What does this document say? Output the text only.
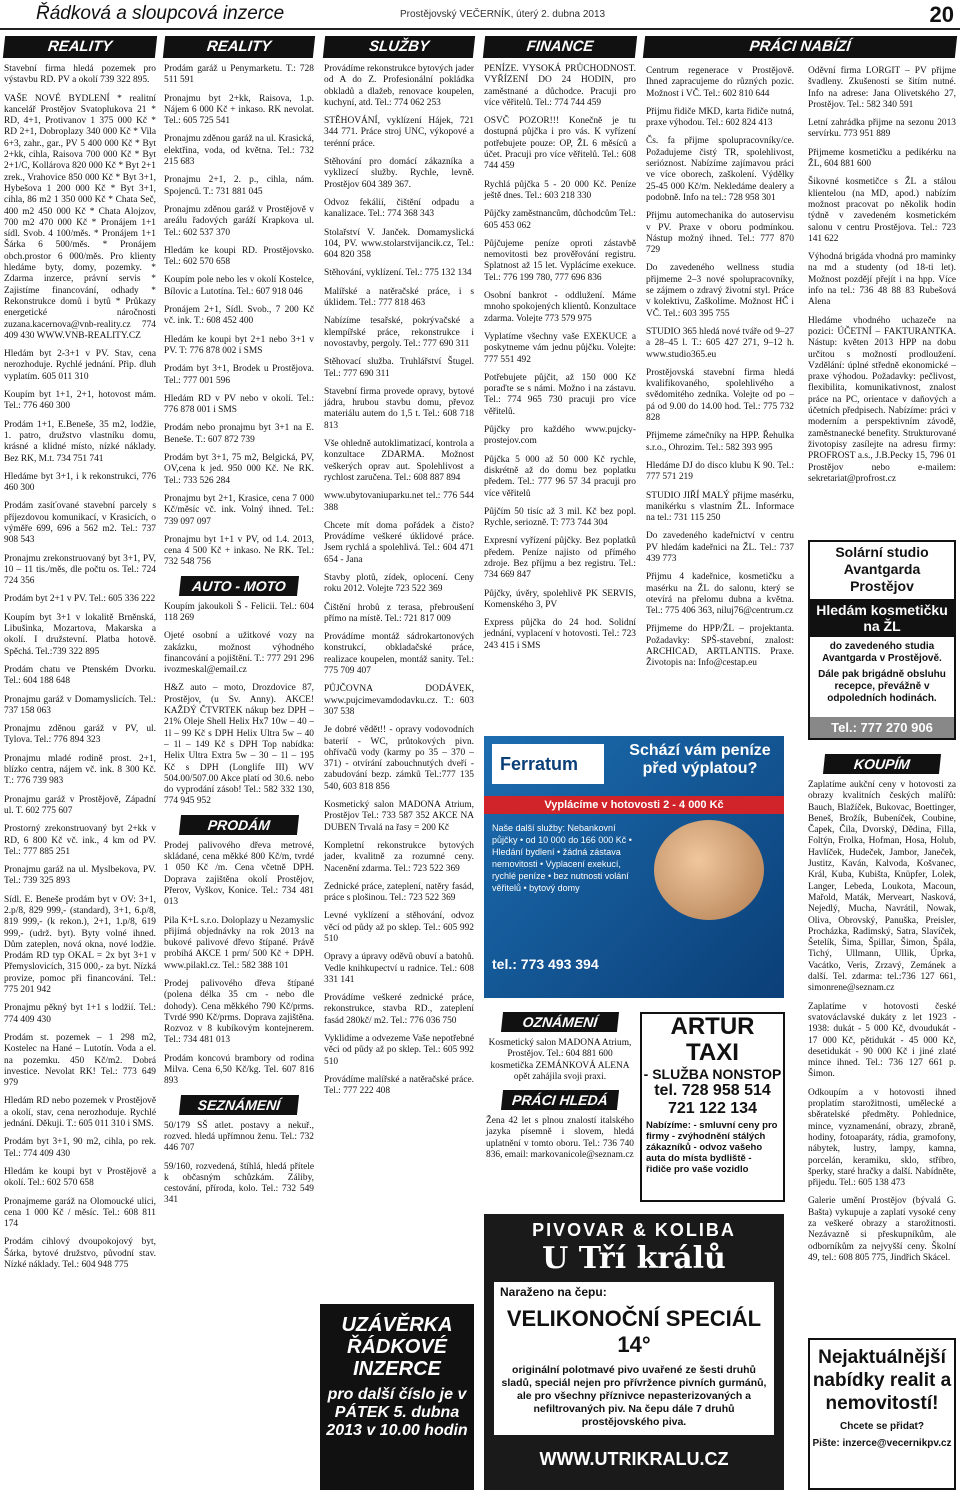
Řádková a sloupcová inzerce	Prostějovský VEČERNÍK, úterý 2. dubna 2013	20
REALITY
Stavební firma hledá pozemek pro výstavbu RD. PV a okolí 739 322 895.
VAŠE NOVÉ BYDLENÍ * realitní kancelář Prostějov Svatoplukova 21 * RD, 4+1, Protivanov 1 375 000 Kč * RD 2+1, Dobroplazy 340 000 Kč * Vila 6+3, zahr., gar., PV 5 400 000 Kč * Byt 2+kk, cihla, Raisova 700 000 Kč * Byt 2+1/C, Kollárova 820 000 Kč * Byt 2+1 zrek., Vrahovice 850 000 Kč * Byt 3+1, Hybešova 1 200 000 Kč * Byt 3+1, cihla, 86 m2 1 350 000 Kč * Chata Seč, 400 m2 450 000 Kč * Chata Alojzov, 700 m2 470 000 Kč * Pronájem 1+1 sídl. Svob. 4 100/měs. * Pronájem 1+1 Šárka 6 500/měs. * Pronájem obch.prostor 6 000/měs. Pro klienty hledáme byty, domy, pozemky. * Zdarma inzerce, právní servis * Zajistíme financování, odhady * Rekonstrukce domů i bytů * Průkazy energetické náročnosti zuzana.kacernova@vnb-reality.cz 774 409 430 WWW.VNB-REALITY.CZ
Hledám byt 2-3+1 v PV. Stav, cena nerozhoduje. Rychlé jednání. Přip. dluh vyplatím. 605 011 310
Koupím byt 1+1, 2+1, hotovost mám. Tel.: 776 460 300
Prodám 1+1, E.Beneše, 35 m2, lodžie, 1. patro, družstvo vlastníku domu, krásné a klidné místo, nízké náklady. Bez RK, M.t. 734 751 741
Hledáme byt 3+1, i k rekonstrukci, 776 460 300
Prodám zasíťované stavební parcely s příjezdovou komunikací, v Krasicích, o výměře 699, 696 a 562 m2. Tel.: 737 908 543
Pronajmu zrekonstruovaný byt 3+1, PV, 10 – 11 tis./měs, dle počtu os. Tel.: 724 724 356
Prodám byt 2+1 v PV. Tel.: 605 336 222
Koupím byt 3+1 v lokalitě Brněnská, Libušinka, Mozartova, Makarska a okolí. I družstevní. Platba hotově. Spěchá. Tel.:739 322 895
Prodám chatu ve Ptenském Dvorku. Tel.: 604 188 648
Pronajmu garáž v Domamyslicích. Tel.: 737 158 063
Pronajmu zděnou garáž v PV, ul. Tylova. Tel.: 776 894 323
Pronajmu mladé rodině prost. 2+1, blízko centra, nájem vč. ink. 8 300 Kč. T.: 776 739 983
Pronajmu garáž v Prostějově, Západní ul. T. 602 775 607
Prostorný zrekonstruovaný byt 2+kk v RD, 6 800 Kč vč. ink., 4 km od PV. Tel.: 777 885 251
Pronajmu garáž na ul. Myslbekova, PV. Tel.: 739 325 893
Sídl. E. Beneše prodám byt v OV: 3+1, 2.p/8, 829 999,- (standard), 3+1, 6.p/8, 819 999,- (k rekon.), 2+1, 1.p/8, 619 999,- (udrž. byt). Byty volné ihned. Dům zateplen, nová okna, nové lodžie. Prodám RD typ OKAL = 2x byt 3+1 v Přemyslovicích, 315 000,- za byt. Nízká provize, pomoc při financování. Tel.: 775 201 942
Pronajmu pěkný byt 1+1 s lodžií. Tel.: 774 409 430
Prodám st. pozemek – 1 298 m2, Kostelec na Hané – Lutotín. Voda a el. na pozemku. 450 Kč/m2. Dobrá investice. Nevolat RK! Tel.: 773 649 979
Hledám RD nebo pozemek v Prostějově a okolí, stav, cena nerozhoduje. Rychlé jednání. Děkuji. T.: 605 011 310 i SMS.
Prodám byt 3+1, 90 m2, cihla, po rek. Tel.: 774 409 430
Hledám ke koupi byt v Prostějově a okolí. Tel.: 602 570 658
Pronajmeme garáž na Olomoucké ulici, cena 1 000 Kč / měsíc. Tel.: 608 811 174
Prodám cihlový dvoupokojový byt, Šárka, bytové družstvo, původní stav. Nízké náklady. Tel.: 604 948 775
REALITY
Prodám garáž u Penymarketu. T.: 728 511 591
Pronajmu byt 2+kk, Raisova, 1.p. Nájem 6 000 Kč + inkaso. RK nevolat. Tel.: 605 725 541
Pronajmu zděnou garáž na ul. Krasická, elektřina, voda, od května. Tel.: 732 215 683
Pronajmu 2+1, 2. p., cihla, nám. Spojenců. T.: 731 881 045
Pronajmu zděnou garáž v Prostějově v areálu řadových garáží Krapkova ul. Tel.: 602 537 370
Hledám ke koupi RD. Prostějovsko. Tel.: 602 570 658
Koupím pole nebo les v okolí Kostelce, Bílovic a Lutotína. Tel.: 607 918 046
Pronájem 2+1, Sídl. Svob., 7 200 Kč vč. ink. T.: 608 452 400
Hledám ke koupi byt 2+1 nebo 3+1 v PV. T: 776 878 002 i SMS
Prodám byt 3+1, Brodek u Prostějova. Tel.: 777 001 596
Hledám RD v PV nebo v okolí. Tel.: 776 878 001 i SMS
Prodám nebo pronajmu byt 3+1 na E. Beneše. T.: 607 872 739
Prodám byt 3+1, 75 m2, Belgická, PV, OV,cena k jed. 950 000 Kč. Ne RK. Tel.: 733 526 284
Pronajmu byt 2+1, Krasice, cena 7 000 Kč/měsíc vč. ink. Volný ihned. Tel.: 739 097 097
Pronajmu byt 1+1 v PV, od 1.4. 2013, cena 4 500 Kč + inkaso. Ne RK. Tel.: 732 548 756
AUTO - MOTO
Koupím jakoukoli Š - Felicii. Tel.: 604 118 269
Ojeté osobní a užitkové vozy na zakázku, možnost výhodného financování a pojištění. T.: 777 291 296 ivozmeskal@email.cz
H&Z auto – moto, Drozdovice 87, Prostějov, (u Sv. Anny). AKCE! KAŽDÝ ČTVRTEK nákup bez DPH – 21% Oleje Shell Helix Hx7 10w – 40 – 1l – 99 Kč s DPH Helix Ultra 5w – 40 – 1l – 149 Kč s DPH Top nabídka: Helix Ultra Extra 5w – 30 – 1l – 195 Kč s DPH (Longlife III) WV 504.00/507.00 Akce platí od 30.6. nebo do vyprodání zásob! Tel.: 582 332 130, 774 945 952
PRODÁM
Prodej palivového dřeva metrové, skládané, cena měkké 800 Kč/m, tvrdé 1 050 Kč /m. Cena včetně DPH. Doprava zajištěna okolí Prostějov, Přerov, Vyškov, Konice. Tel.: 734 481 013
Pila K+L s.r.o. Doloplazy u Nezamyslic přijímá objednávky na rok 2013 na bukové palivové dřevo štípané. Právě probíhá AKCE 1 prm/ 500 Kč + DPH. www.pilakl.cz. Tel.: 582 388 101
Prodej palivového dřeva štípané (polena délka 35 cm - nebo dle dohody). Cena měkkého 790 Kč/prms. Tvrdé 990 Kč/prms. Doprava zajištěna. Rozvoz v 8 kubíkovým kontejnerem. Tel.: 734 481 013
Prodám koncovú brambory od rodina Milva. Cena 6,50 Kč/kg. Tel. 607 816 893
SEZNÁMENÍ
50/179 SŠ atlet. postavy a nekuř., rozved. hledá upřímnou ženu. Tel.: 732 446 707
59/160, rozvedená, štíhlá, hledá přítele k občasným schůzkám. Záliby, cestování, příroda, kolo. Tel.: 732 549 341
SLUŽBY
Provádíme rekonstrukce bytových jader od A do Z. Profesionální pokládka obkladů a dlažeb, renovace koupelen, kuchyní, atd. Tel.: 774 062 253
STĚHOVÁNÍ, vyklízení Hájek, 721 344 771. Práce stroj UNC, výkopové a terénní práce.
Stěhování pro domácí zákazníka a vyklizecí služby. Rychle, levně. Prostějov 604 389 367.
Odvoz fekálií, čištění odpadu a kanalizace. Tel.: 774 368 343
Stolařství V. Janček. Domamyslická 104, PV. www.stolarstvijancik.cz, Tel.: 604 820 358
Stěhování, vyklízení. Tel.: 775 132 134
Malířské a natěračské práce, i s úklidem. Tel.: 777 818 463
Nabízíme tesařské, pokrývačské a klempířské práce, rekonstrukce i novostavby, pergoly. Tel.: 777 690 311
Stěhovací služba. Truhlářství Štugel. Tel.: 777 690 311
Stavební firma provede opravy, bytové jádra, hrubou stavbu domu, převoz materiálu autem do 1,5 t. Tel.: 608 718 813
Vše ohledně autoklimatizací, kontrola a konzultace ZDARMA. Možnost veškerých oprav aut. Spolehlivost a rychlost zaručena. Tel.: 608 887 894
www.ubytovaniuparku.net tel.: 776 544 388
Chcete mít doma pořádek a čisto? Provádíme veškeré úklidové práce. Jsem rychlá a spolehlivá. Tel.: 604 471 654 - Jana
Stavby plotů, zídek, oplocení. Ceny roku 2012. Volejte 723 522 369
Čištění hrobů z terasa, přebroušení přímo na místě. Tel.: 721 817 009
Provádíme montáž sádrokartonových konstrukcí, obkladačské práce, realizace koupelen, montáž sanity. Tel.: 775 709 407
PŮJČOVNA DODÁVEK, www.pujcimevamdodavku.cz. T.: 603 307 538
Je dobré vědět!! - opravy vodovodních baterií - WC, průtokových pivn. ohřívačů vody (karmy po 35 – 370 – 371) - otvírání zabouchnutých dveří - zabudování bezp. zámků Tel.:777 135 540, 603 818 856
Kosmetický salon MADONA Atrium, Prostějov Tel.: 733 587 352 AKCE NA DUBEN Trvalá na řasy = 200 Kč
Kompletní rekonstrukce bytových jader, kvalitně za rozumné ceny. Nacenění zdarma. Tel.: 723 522 369
Zednické práce, zateplení, natěry fasád, práce s plošinou. Tel.: 723 522 369
Levné vyklízení a stěhování, odvoz věcí od půdy až po sklep. Tel.: 605 992 510
Opravy a úpravy oděvů obuví a batohů. Vedle knihkupectví u radnice. Tel.: 608 331 141
Provádíme veškeré zednické práce, rekonstrukce, stavba RD., zateplení fasád 280kč/ m2. Tel.: 776 036 750
Vyklidíme a odvezeme Vaše nepotřebné věci od půdy až po sklep. Tel.: 605 992 510
Provádíme malířské a natěračské práce. Tel.: 777 222 408
FINANCE
PENÍZE. VYSOKÁ PRŮCHODNOST. VYŘÍZENÍ DO 24 HODIN, pro zaměstnané a důchodce. Pracuji pro více věřitelů. Tel.: 774 744 459
OSVČ POZOR!!! Konečně je tu dostupná půjčka i pro vás. K vyřízení potřebujete pouze: OP, ŽL 6 měsíců a účet. Pracuji pro více věřitelů. Tel.: 608 744 459
Rychlá půjčka 5 - 20 000 Kč. Peníze ještě dnes. Tel.: 603 218 330
Půjčky zaměstnancům, důchodcům Tel.: 605 453 062
Půjčujeme peníze oproti zástavbě nemovitosti bez prověřování registru. Splatnost až 15 let. Vyplácíme exekuce. Tel.: 776 199 780, 777 696 836
Osobní bankrot - oddlužení. Máme mnoho spokojených klientů. Konzultace zdarma. Volejte 773 579 975
Vyplatíme všechny vaše EXEKUCE a poskytneme vám jednu půjčku. Volejte: 777 551 492
Potřebujete půjčit, až 150 000 Kč poraďte se s námi. Možno i na zástavu. Tel.: 774 965 730 pracuji pro více věřitelů.
Půjčky pro každého www.pujcky-prostejov.com
Půjčka 5 000 až 50 000 Kč rychle, diskrétně až do domu bez poplatku předem. Tel.: 777 96 57 34 pracuji pro více věřitelů
Půjčím 50 tisíc až 3 mil. Kč bez popl. Rychle, seriozně. T: 773 744 304
Expresní vyřízení půjčky. Bez poplatků předem. Peníze najisto od přímého zdroje. Bez příjmu a bez registru. Tel.: 734 669 847
Půjčky, úvěry, spolehlivě PK SERVIS, Komenského 3, PV
Express půjčka do 24 hod. Solidní jednání, vyplacení v hotovosti. Tel.: 723 243 415 i SMS
PRÁCI NABÍZÍ
Centrum regenerace v Prostějově. Ihned zapracujeme do různých pozic. Možnost i VČ. Tel.: 602 810 644
Přijmu řidiče MKD, karta řidiče nutná, praxe výhodou. Tel.: 602 824 413
Čs. fa přijme spolupracovníky/ce. Požadujeme čistý TR, spolehlivost, serióznost. Nabízíme zajímavou práci ve více oborech, zaškolení. Výdělky 25-45 000 Kč/m. Nekledáme dealery a podobně. Info na tel.: 728 958 301
Přijmu automechanika do autoservisu v PV. Praxe v oboru podmínkou. Nástup možný ihned. Tel.: 777 870 729
Do zavedeného wellness studia přijmeme 2–3 nové spolupracovníky, se zájmem o zdravý životní styl. Práce v kolektivu, Zaškolíme. Možnost HČ i VČ. Tel.: 603 395 755
STUDIO 365 hledá nové tváře od 9–27 a 28–45 l. T.: 605 427 271, 9–12 h. www.studio365.eu
Prostějovská stavební firma hledá kvalifikovaného, spolehlivého a svědomitého zedníka. Volejte od po – pá od 9.00 do 14.00 hod. Tel.: 775 732 828
Přijmeme zámečníky na HPP. Řehulka s.r.o., Ohrozim. Tel.: 582 393 995
Hledáme DJ do disco klubu K 90. Tel.: 777 571 219
STUDIO JIŘÍ MALÝ přijme masérku, manikérku s vlastním ŽL. Informace na tel.: 731 115 250
Do zavedeného kadeřnictví v centru PV hledám kadeřnici na ŽL. Tel.: 737 439 773
Přijmu 4 kadeřnice, kosmetičku a masérku na ŽL do salonu, který se otevírá na přelomu dubna a května. Tel.: 775 406 363, niluj76@centrum.cz
Přijmeme do HPP/ŽL – projektanta. Požadavky: SPŠ-stavební, znalost: ARCHICAD, ARTLANTIS. Praxe. Životopis na: Info@cestap.eu
Oděvní firma LORGIT – PV přijme švadleny. Zkušenosti se šitím nutné. Info na adrese: Jana Olivetského 27, Prostějov. Tel.: 582 340 591
Letní zahrádka přijme na sezonu 2013 servírku. 773 951 889
Přijmeme kosmetičku a pedikérku na ŽL, 604 881 600
Šikovné kosmetičce s ŽL a stálou klientelou (na MD, apod.) nabízím možnost pracovat po několik hodin týdně v zavedeném kosmetickém salonu v centru Prostějova. Tel.: 723 141 622
Výhodná brigáda vhodná pro maminky na md a studenty (od 18-ti let). Možnost pozdějí přejít i na hpp. Více info na tel.: 736 48 88 83 Rubešová Alena
Hledáme vhodného uchazeče na pozici: ÚČETNÍ – FAKTURANTKA. Nástup: květen 2013 HPP na dobu určitou s možností prodloužení. Vzdělání: úplné středně ekonomické – praxe výhodou. Požadavky: pečlivost, flexibilita, komunikativnost, znalost práce na PC, orientace v daňových a účetních předpisech. Nabízíme: práci v moderním a perspektivním závodě, zaměstnanecké benefity. Strukturované životopisy zasílejte na adresu firmy: PROFROST a.s., J.B.Pecky 15, 796 01 Prostějov nebo e-mailem: sekretariat@profrost.cz
Ferratum
Schází vám peníze před výplatou?
Vyplácíme v hotovosti 2 - 4 000 Kč
Naše další služby: Nebankovní půjčky • od 10 000 do 166 000 Kč • Hledání bydlení • žádná zástava nemovitosti • Vyplacení exekucí, rychlé peníze • bez nutnosti volání věřitelů • bytový domy
tel.: 773 493 394
OZNÁMENÍ
Kosmetický salon MADONA Atrium, Prostějov. Tel.: 604 881 600 kosmetička ZEMÁNKOVÁ ALENA opět zahájila svoji praxi.
PRÁCI HLEDÁ
Žena 42 let s plnou znalostí italského jazyka písemně i slovem, hledá uplatnění v tomto oboru. Tel.: 736 740 836, email: markovanicole@seznam.cz
ARTUR TAXI
- SLUŽBA NONSTOP
tel. 728 958 514
721 122 134
Nabízíme: - smluvní ceny pro firmy - zvýhodnění stálých zákazníků - odvoz vašeho auta do místa bydliště - řidiče pro vaše vozidlo
PIVOVAR & KOLIBA
U Tří králů
Naraženo na čepu:
VELIKONOČNÍ SPECIÁL 14°
originální polotmavé pivo uvařené ze šesti druhů sladů, speciál nejen pro přívržence pivních gurmánů, ale pro všechny příznivce nepasterizovaných a nefiltrovaných piv. Na čepu dále 7 druhů prostějovského piva.
WWW.UTRIKRALU.CZ
UZÁVĚRKA ŘÁDKOVÉ INZERCE
pro další číslo je v PÁTEK 5. dubna 2013 v 10.00 hodin
Solární studio Avantgarda Prostějov
Hledám kosmetičku na ŽL
do zavedeného studia Avantgarda v Prostějově.
Dále pak brigádně obsluhu recepce, převážně v odpoledních hodinách.
Tel.: 777 270 906
KOUPÍM
Zaplatíme aukční ceny v hotovosti za obrazy kvalitních českých malířů: Bauch, Blažíček, Bukovac, Boettinger, Beneš, Brožík, Bubeníček, Coubine, Čapek, Čila, Dvorský, Dědina, Filla, Foltýn, Frolka, Hofman, Hosa, Holub, Havlíček, Hudeček, Jambor, Janeček, Justitz, Kaván, Kalvoda, Košvanec, Král, Kuba, Kubišta, Knüpfer, Lolek, Langer, Lebeda, Loukota, Macoun, Mařold, Maták, Merveart, Nasková, Nejedlý, Mucha, Navrátil, Nowak, Oliva, Obrovský, Panuška, Preisler, Procházka, Radimský, Satra, Slavíček, Šetelík, Šima, Špillar, Šimon, Špála, Tichý, Ullmann, Ullik, Úprka, Vacátko, Veris, Zrzavý, Zemánek a další. Tel. zdarma: tel.:736 127 661, simonrene@seznam.cz
Zaplatíme v hotovosti české svatováclavské dukáty z let 1923 - 1938: dukát - 5 000 Kč, dvoudukát - 17 000 Kč, pětidukát - 45 000 Kč, desetidukát - 90 000 Kč i jiné zlaté mince ihned. Tel.: 736 127 661 p. Šimon.
Odkoupím a v hotovosti ihned proplatím starožitnosti, umělecké a sběratelské předměty. Pohlednice, mince, vyznamenání, obrazy, zbraně, hodiny, fotoaparáty, rádia, gramofony, nábytek, lustry, lampy, kamna, porcelán, keramiku, sklo, stříbro, šperky, staré hračky a další. Nabídněte, přijedu. Tel.: 605 138 473
Galerie umění Prostějov (bývalá G. Bašta) vykupuje a zaplatí vysoké ceny za veškeré obrazy a starožitnosti. Nezávazně si přeskupníkům, ale odborníkům za nejvyšší ceny. Školní 49, tel.: 608 805 775, Jindřich Skácel.
Nejaktuálnější nabídky realit a nemovitostí!
Chcete se přidat?
Pište: inzerce@vecernikpv.cz
